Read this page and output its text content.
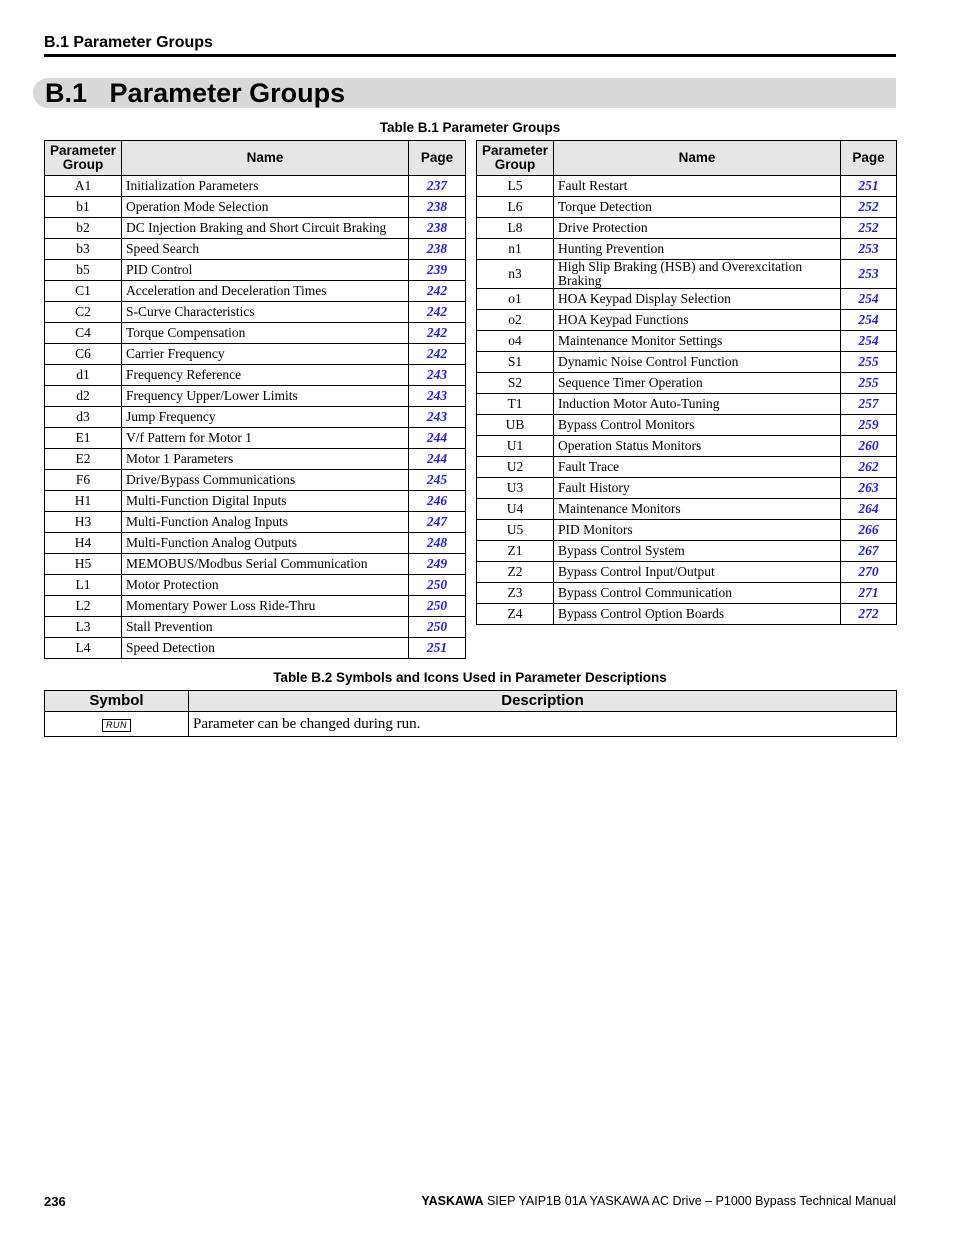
B.1 Parameter Groups
B.1 Parameter Groups
Table B.1 Parameter Groups
Parameter Group	Name	Page
A1	Initialization Parameters	237
b1	Operation Mode Selection	238
b2	DC Injection Braking and Short Circuit Braking	238
b3	Speed Search	238
b5	PID Control	239
C1	Acceleration and Deceleration Times	242
C2	S-Curve Characteristics	242
C4	Torque Compensation	242
C6	Carrier Frequency	242
d1	Frequency Reference	243
d2	Frequency Upper/Lower Limits	243
d3	Jump Frequency	243
E1	V/f Pattern for Motor 1	244
E2	Motor 1 Parameters	244
F6	Drive/Bypass Communications	245
H1	Multi-Function Digital Inputs	246
H3	Multi-Function Analog Inputs	247
H4	Multi-Function Analog Outputs	248
H5	MEMOBUS/Modbus Serial Communication	249
L1	Motor Protection	250
L2	Momentary Power Loss Ride-Thru	250
L3	Stall Prevention	250
L4	Speed Detection	251
Parameter Group	Name	Page
L5	Fault Restart	251
L6	Torque Detection	252
L8	Drive Protection	252
n1	Hunting Prevention	253
n3	High Slip Braking (HSB) and Overexcitation Braking	253
o1	HOA Keypad Display Selection	254
o2	HOA Keypad Functions	254
o4	Maintenance Monitor Settings	254
S1	Dynamic Noise Control Function	255
S2	Sequence Timer Operation	255
T1	Induction Motor Auto-Tuning	257
UB	Bypass Control Monitors	259
U1	Operation Status Monitors	260
U2	Fault Trace	262
U3	Fault History	263
U4	Maintenance Monitors	264
U5	PID Monitors	266
Z1	Bypass Control System	267
Z2	Bypass Control Input/Output	270
Z3	Bypass Control Communication	271
Z4	Bypass Control Option Boards	272
Table B.2 Symbols and Icons Used in Parameter Descriptions
Symbol	Description
RUN	Parameter can be changed during run.
236	YASKAWA SIEP YAIP1B 01A YASKAWA AC Drive – P1000 Bypass Technical Manual
